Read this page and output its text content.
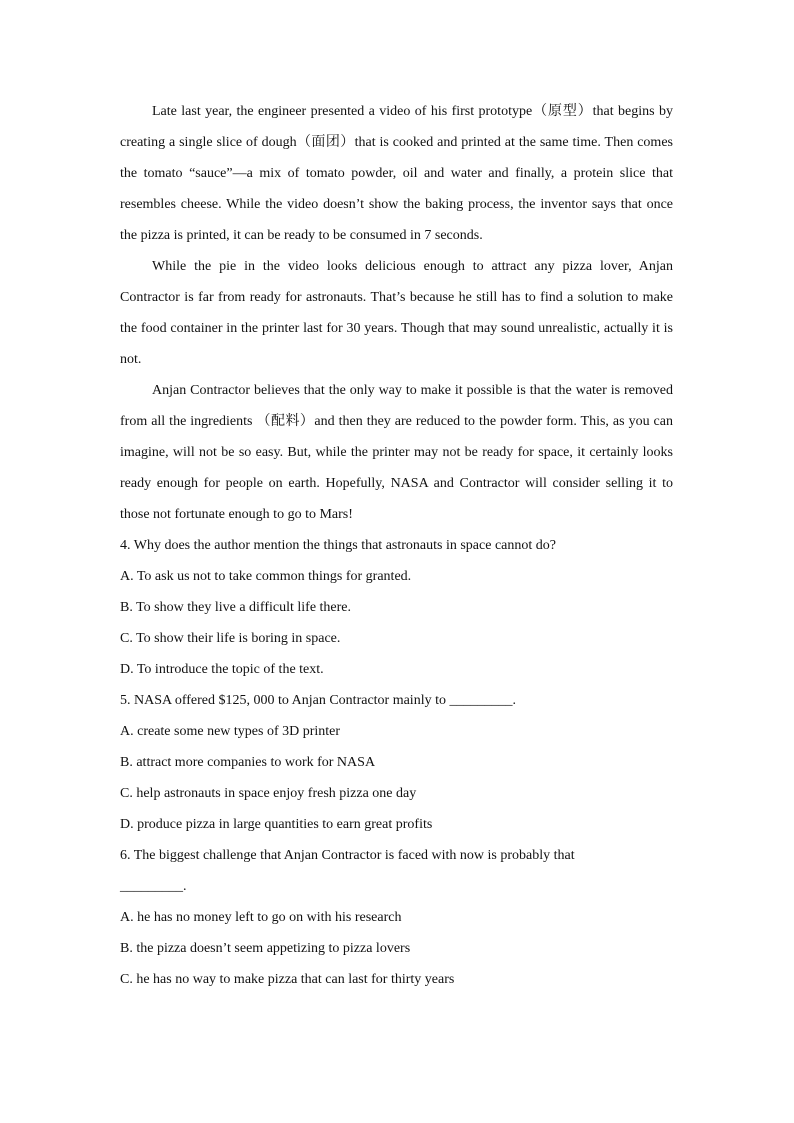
Late last year, the engineer presented a video of his first prototype（原型）that begins by creating a single slice of dough（面团）that is cooked and printed at the same time. Then comes the tomato “sauce”—a mix of tomato powder, oil and water and finally, a protein slice that resembles cheese. While the video doesn’t show the baking process, the inventor says that once the pizza is printed, it can be ready to be consumed in 7 seconds.

While the pie in the video looks delicious enough to attract any pizza lover, Anjan Contractor is far from ready for astronauts. That’s because he still has to find a solution to make the food container in the printer last for 30 years. Though that may sound unrealistic, actually it is not.

Anjan Contractor believes that the only way to make it possible is that the water is removed from all the ingredients （配料）and then they are reduced to the powder form. This, as you can imagine, will not be so easy. But, while the printer may not be ready for space, it certainly looks ready enough for people on earth. Hopefully, NASA and Contractor will consider selling it to those not fortunate enough to go to Mars!

4. Why does the author mention the things that astronauts in space cannot do?

A. To ask us not to take common things for granted.

B. To show they live a difficult life there.

C. To show their life is boring in space.

D. To introduce the topic of the text.

5. NASA offered $125, 000 to Anjan Contractor mainly to _________.

A. create some new types of 3D printer

B. attract more companies to work for NASA

C. help astronauts in space enjoy fresh pizza one day

D. produce pizza in large quantities to earn great profits

6. The biggest challenge that Anjan Contractor is faced with now is probably that

_________.

A. he has no money left to go on with his research

B. the pizza doesn’t seem appetizing to pizza lovers

C. he has no way to make pizza that can last for thirty years
